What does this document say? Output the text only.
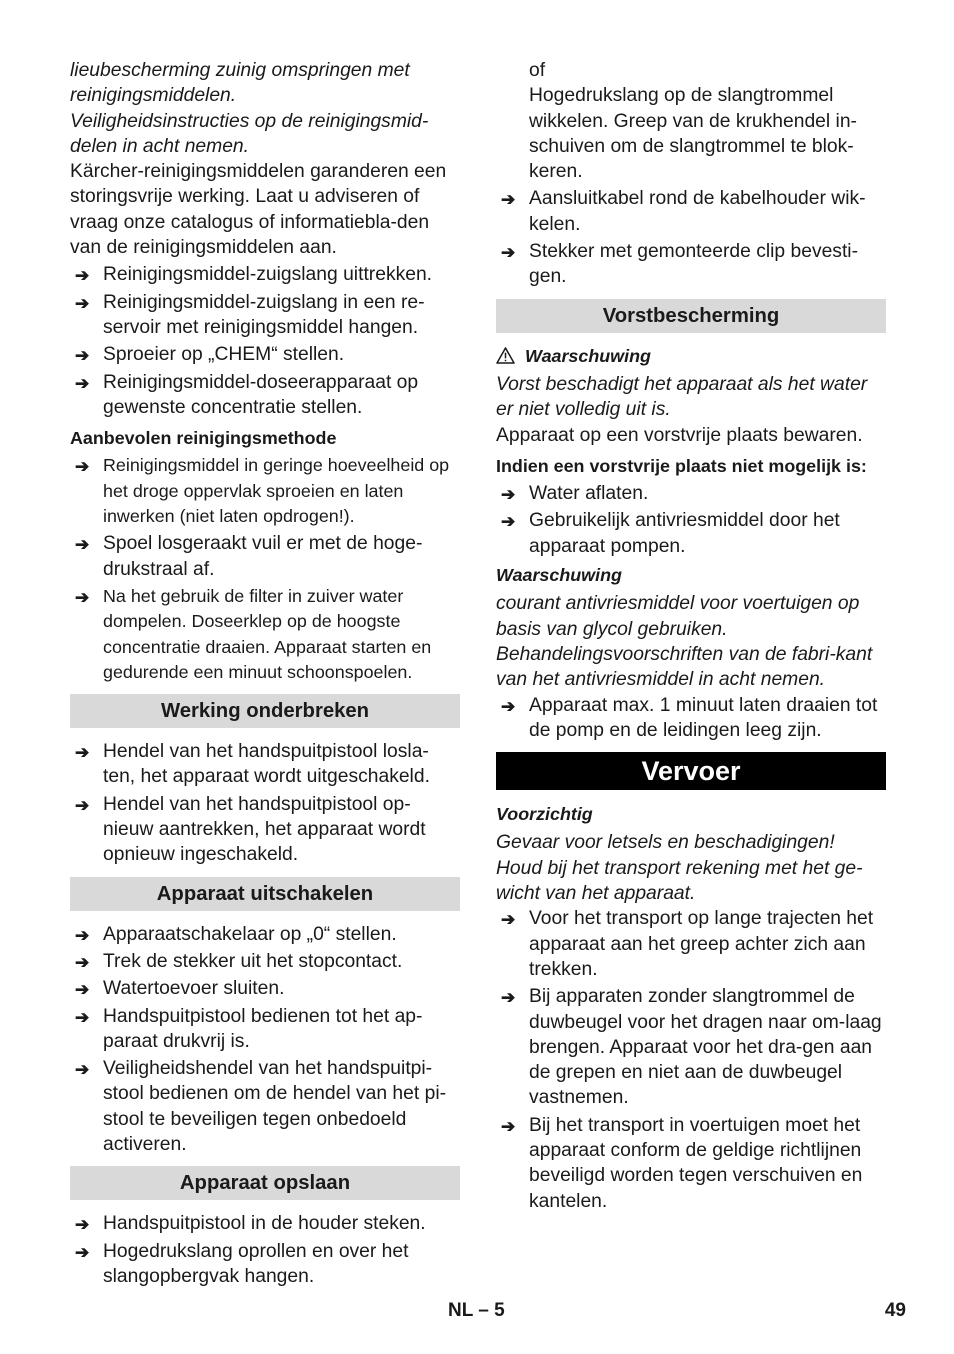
lieubescherming zuinig omspringen met reinigingsmiddelen.

Veiligheidsinstructies op de reinigingsmid-delen in acht nemen.

Kärcher-reinigingsmiddelen garanderen een storingsvrije werking. Laat u adviseren of vraag onze catalogus of informatiebla-den van de reinigingsmiddelen aan.

➔ Reinigingsmiddel-zuigslang uittrekken.
➔ Reinigingsmiddel-zuigslang in een re-servoir met reinigingsmiddel hangen.
➔ Sproeier op „CHEM“ stellen.
➔ Reinigingsmiddel-doseerapparaat op gewenste concentratie stellen.

Aanbevolen reinigingsmethode

➔ Reinigingsmiddel in geringe hoeveelheid op het droge oppervlak sproeien en laten inwerken (niet laten opdrogen!).
➔ Spoel losgeraakt vuil er met de hoge-drukstraal af.
➔ Na het gebruik de filter in zuiver water dompelen. Doseerklep op de hoogste concentratie draaien. Apparaat starten en gedurende een minuut schoonspoelen.
Werking onderbreken
➔ Hendel van het handspuitpistool losla-ten, het apparaat wordt uitgeschakeld.
➔ Hendel van het handspuitpistool op-nieuw aantrekken, het apparaat wordt opnieuw ingeschakeld.
Apparaat uitschakelen
➔ Apparaatschakelaar op „0“ stellen.
➔ Trek de stekker uit het stopcontact.
➔ Watertoevoer sluiten.
➔ Handspuitpistool bedienen tot het ap-paraat drukvrij is.
➔ Veiligheidshendel van het handspuitpi-stool bedienen om de hendel van het pi-stool te beveiligen tegen onbedoeld activeren.
Apparaat opslaan
➔ Handspuitpistool in de houder steken.
➔ Hogedrukslang oprollen en over het slangopbergvak hangen.

of

Hogedrukslang op de slangtrommel wikkelen. Greep van de krukhendel in-schuiven om de slangtrommel te blok-keren.

➔ Aansluitkabel rond de kabelhouder wik-kelen.
➔ Stekker met gemonteerde clip bevesti-gen.
Vorstbescherming

Waarschuwing

Vorst beschadigt het apparaat als het water er niet volledig uit is.

Apparaat op een vorstvrije plaats bewaren.

Indien een vorstvrije plaats niet mogelijk is:

➔ Water aflaten.
➔ Gebruikelijk antivriesmiddel door het apparaat pompen.

Waarschuwing

courant antivriesmiddel voor voertuigen op basis van glycol gebruiken.

Behandelingsvoorschriften van de fabri-kant van het antivriesmiddel in acht nemen.

➔ Apparaat max. 1 minuut laten draaien tot de pomp en de leidingen leeg zijn.
Vervoer

Voorzichtig

Gevaar voor letsels en beschadigingen! Houd bij het transport rekening met het ge-wicht van het apparaat.

➔ Voor het transport op lange trajecten het apparaat aan het greep achter zich aan trekken.
➔ Bij apparaten zonder slangtrommel de duwbeugel voor het dragen naar om-laag brengen. Apparaat voor het dra-gen aan de grepen en niet aan de duwbeugel vastnemen.
➔ Bij het transport in voertuigen moet het apparaat conform de geldige richtlijnen beveiligd worden tegen verschuiven en kantelen.
NL – 5	49
